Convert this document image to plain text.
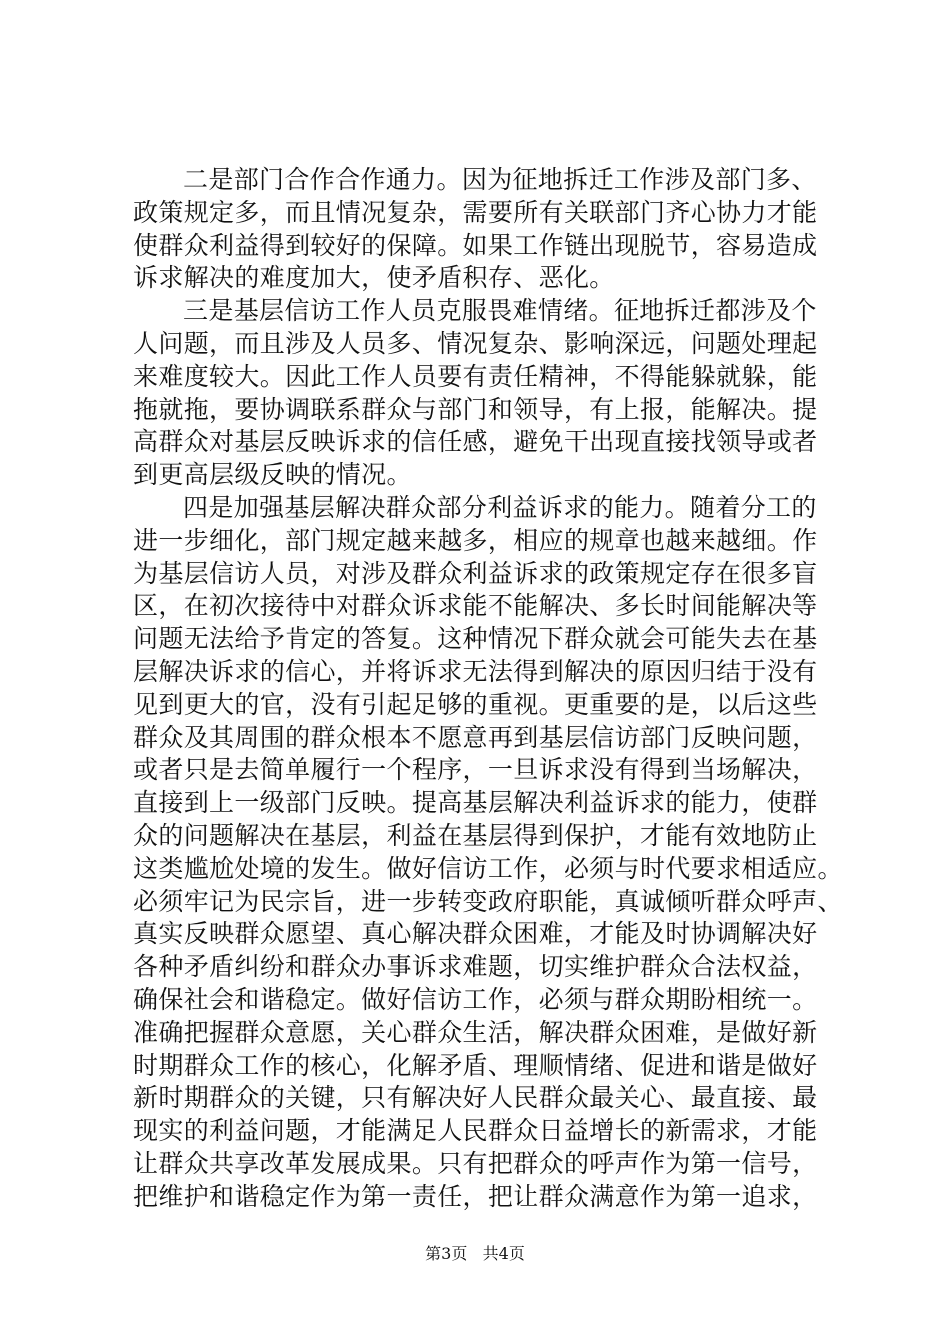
二是部门合作合作通力。因为征地拆迁工作涉及部门多、
政策规定多，而且情况复杂，需要所有关联部门齐心协力才能
使群众利益得到较好的保障。如果工作链出现脱节，容易造成
诉求解决的难度加大，使矛盾积存、恶化。
三是基层信访工作人员克服畏难情绪。征地拆迁都涉及个
人问题，而且涉及人员多、情况复杂、影响深远，问题处理起
来难度较大。因此工作人员要有责任精神，不得能躲就躲，能
拖就拖，要协调联系群众与部门和领导，有上报，能解决。提
高群众对基层反映诉求的信任感，避免干出现直接找领导或者
到更高层级反映的情况。
四是加强基层解决群众部分利益诉求的能力。随着分工的
进一步细化，部门规定越来越多，相应的规章也越来越细。作
为基层信访人员，对涉及群众利益诉求的政策规定存在很多盲
区，在初次接待中对群众诉求能不能解决、多长时间能解决等
问题无法给予肯定的答复。这种情况下群众就会可能失去在基
层解决诉求的信心，并将诉求无法得到解决的原因归结于没有
见到更大的官，没有引起足够的重视。更重要的是，以后这些
群众及其周围的群众根本不愿意再到基层信访部门反映问题，
或者只是去简单履行一个程序，一旦诉求没有得到当场解决，
直接到上一级部门反映。提高基层解决利益诉求的能力，使群
众的问题解决在基层，利益在基层得到保护，才能有效地防止
这类尴尬处境的发生。做好信访工作，必须与时代要求相适应。
必须牢记为民宗旨，进一步转变政府职能，真诚倾听群众呼声、
真实反映群众愿望、真心解决群众困难，才能及时协调解决好
各种矛盾纠纷和群众办事诉求难题，切实维护群众合法权益，
确保社会和谐稳定。做好信访工作，必须与群众期盼相统一。
准确把握群众意愿，关心群众生活，解决群众困难，是做好新
时期群众工作的核心，化解矛盾、理顺情绪、促进和谐是做好
新时期群众的关键，只有解决好人民群众最关心、最直接、最
现实的利益问题，才能满足人民群众日益增长的新需求，才能
让群众共享改革发展成果。只有把群众的呼声作为第一信号，
把维护和谐稳定作为第一责任，把让群众满意作为第一追求，
第3页 共4页
